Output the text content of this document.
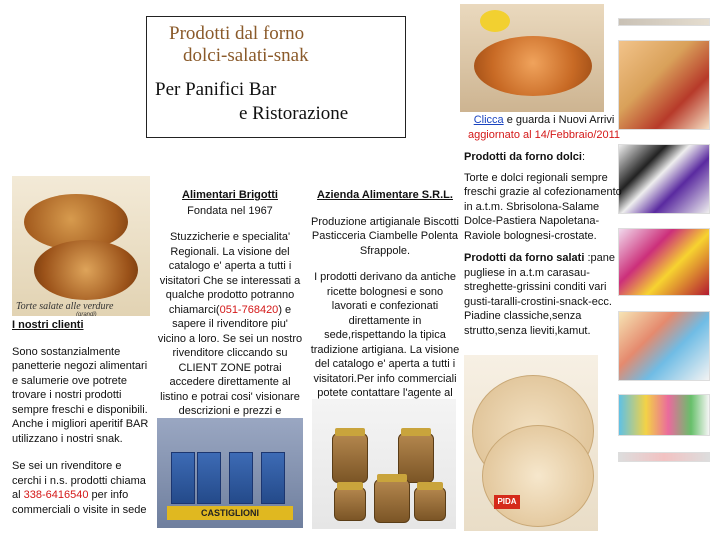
Prodotti dal forno
dolci-salati-snak
Per Panifici Bar
e Ristorazione
Torte salate alle verdure
(grandi)
I nostri clienti

Sono sostanzialmente panetterie negozi alimentari e salumerie ove potrete trovare i nostri prodotti sempre freschi e disponibili. Anche i migliori aperitif BAR utilizzano i nostri snak.

Se sei un rivenditore e cerchi i n.s. prodotti chiama al 338-6416540 per info commerciali o visite in sede

Alimentari Brigotti

Fondata nel 1967

Stuzzicherie e specialita' Regionali. La visione del catalogo e' aperta a tutti i visitatori Che se interessati a qualche prodotto potranno chiamarci(051-768420) e sapere il rivenditore piu' vicino a loro. Se sei un nostro rivenditore cliccando su CLIENT ZONE potrai accedere direttamente al listino e potrai cosi' visionare descrizioni e prezzi e

CASTIGLIONI
Azienda Alimentare S.R.L.

Produzione artigianale Biscotti Pasticceria Ciambelle Polenta Sfrappole.

I prodotti derivano da antiche ricette bolognesi e sono lavorati e confezionati direttamente in sede,rispettando la tipica tradizione artigiana. La visione del catalogo e' aperta a tutti i visitatori.Per info commerciali potete contattare l'agente al

Clicca e guarda i Nuovi Arrivi

aggiornato al 14/Febbraio/2011

Prodotti da forno dolci:

Torte e dolci regionali sempre freschi grazie al cofezionamento in a.t.m. Sbrisolona-Salame Dolce-Pastiera Napoletana-Raviole bolognesi-crostate.

Prodotti da forno salati :pane pugliese in a.t.m carasau-streghette-grissini conditi vari gusti-taralli-crostini-snack-ecc. Piadine classiche,senza strutto,senza lieviti,kamut.

PIDA
